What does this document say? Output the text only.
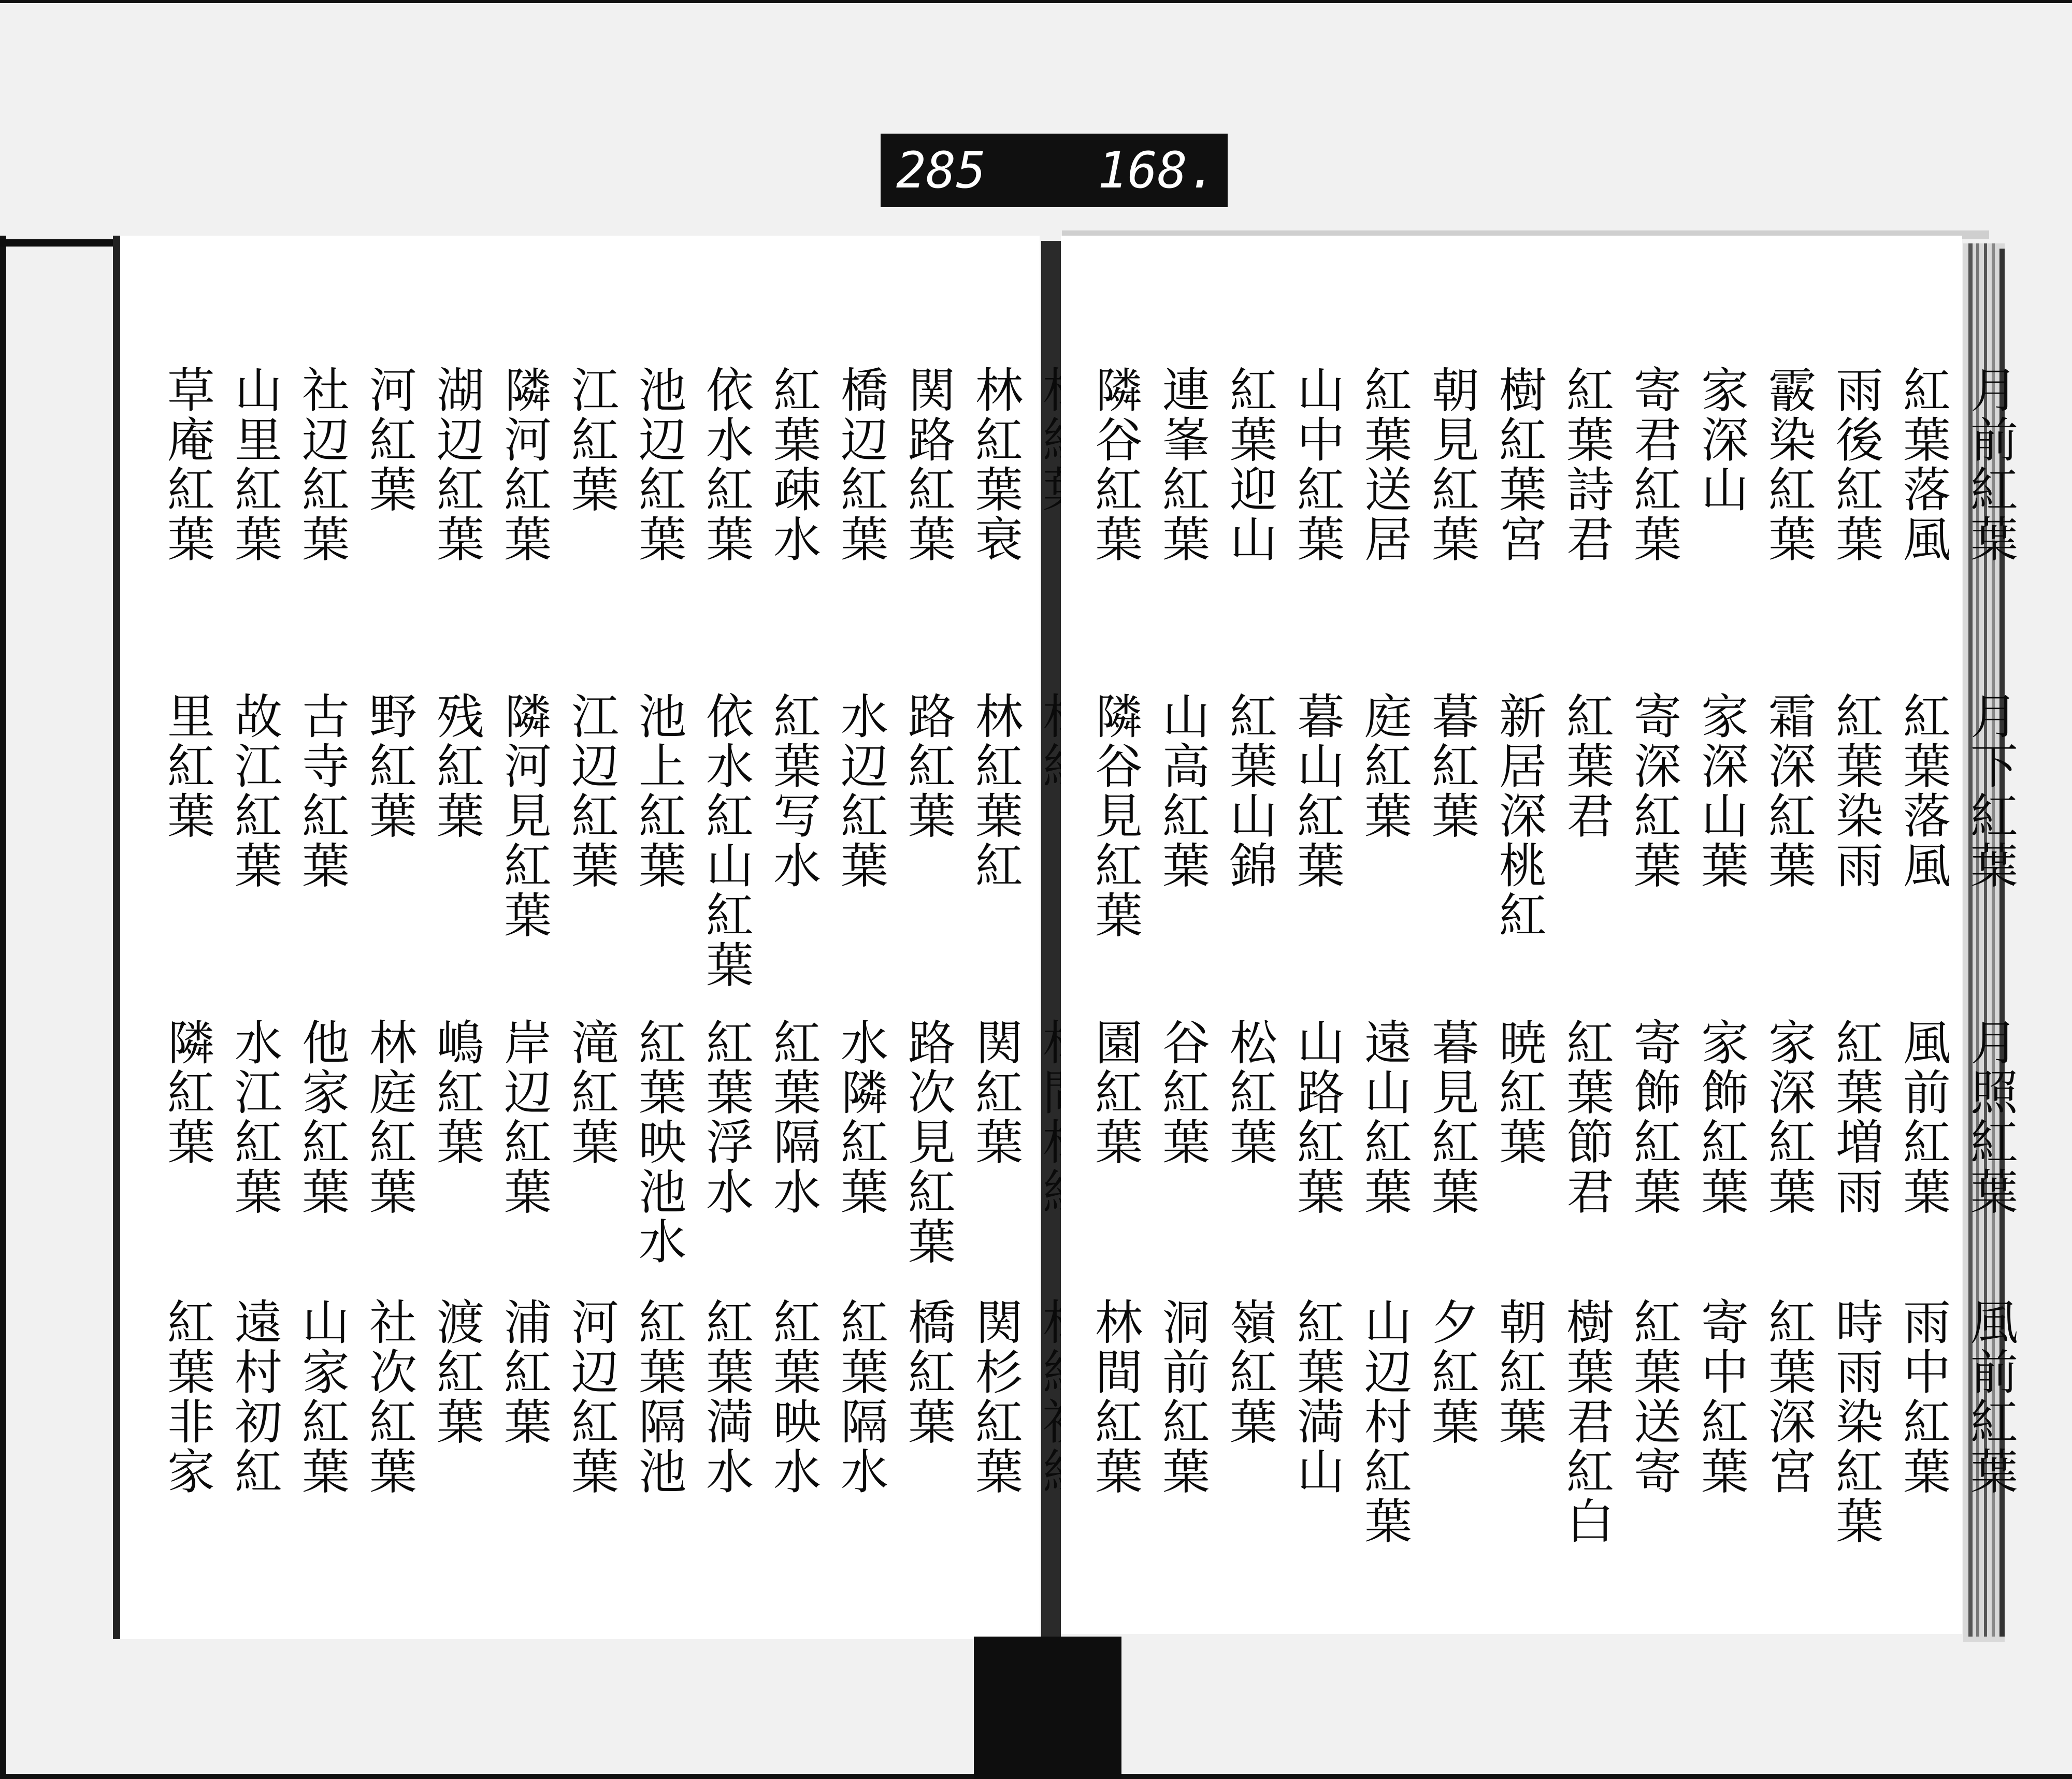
285 168.
林紅葉衰
関路紅葉
橋辺紅葉
紅葉疎水
依水紅葉
池辺紅葉
江紅葉
隣河紅葉
湖辺紅葉
河紅葉
社辺紅葉
山里紅葉
草庵紅葉
林紅葉紅
路紅葉
水辺紅葉
紅葉写水
依水紅山紅葉
池上紅葉
江辺紅葉
隣河見紅葉
残紅葉
野紅葉
古寺紅葉
故江紅葉
里紅葉
関紅葉
路次見紅葉
水隣紅葉
紅葉隔水
紅葉浮水
紅葉映池水
滝紅葉
岸辺紅葉
嶋紅葉
林庭紅葉
他家紅葉
水江紅葉
隣紅葉
関杉紅葉
橋紅葉
紅葉隔水
紅葉映水
紅葉満水
紅葉隔池
河辺紅葉
浦紅葉
渡紅葉
社次紅葉
山家紅葉
遠村初紅
紅葉非家
月前紅葉
紅葉落風
雨後紅葉
霰染紅葉
家深山
寄君紅葉
紅葉詩君
樹紅葉宮
朝見紅葉
紅葉送居
山中紅葉
紅葉迎山
連峯紅葉
隣谷紅葉
月下紅葉
紅葉落風
紅葉染雨
霜深紅葉
家深山葉
寄深紅葉
紅葉君
新居深桃紅
暮紅葉
庭紅葉
暮山紅葉
紅葉山錦
山高紅葉
隣谷見紅葉
月照紅葉
風前紅葉
紅葉増雨
家深紅葉
家飾紅葉
寄飾紅葉
紅葉節君
暁紅葉
暮見紅葉
遠山紅葉
山路紅葉
松紅葉
谷紅葉
園紅葉
風前紅葉
雨中紅葉
時雨染紅葉
紅葉深宮
寄中紅葉
紅葉送寄
樹葉君紅白
朝紅葉
夕紅葉
山辺村紅葉
紅葉満山
嶺紅葉
洞前紅葉
林間紅葉
